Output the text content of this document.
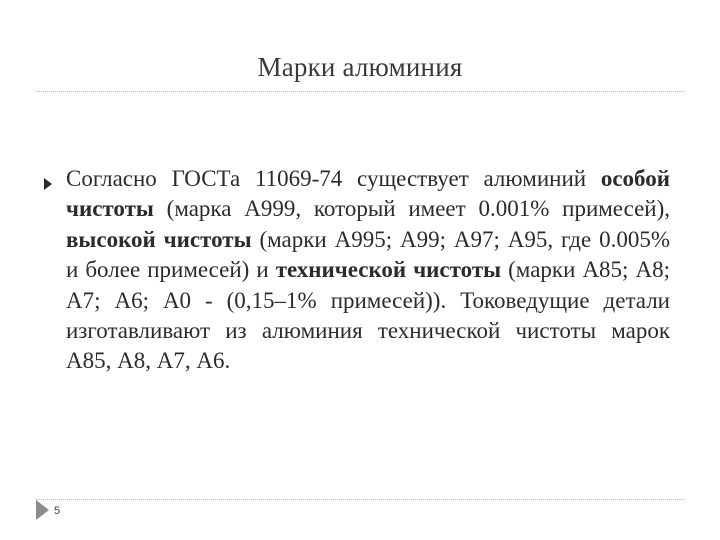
Марки алюминия

Согласно ГОСТа 11069-74 существует алюминий особой чистоты (марка А999, который имеет 0.001% примесей), высокой чистоты (марки А995; А99; А97; А95, где 0.005% и более примесей) и технической чистоты (марки А85; А8; А7; А6; А0 - (0,15–1% примесей)). Токоведущие детали изготавливают из алюминия технической чистоты марок А85, А8, А7, А6.

5
